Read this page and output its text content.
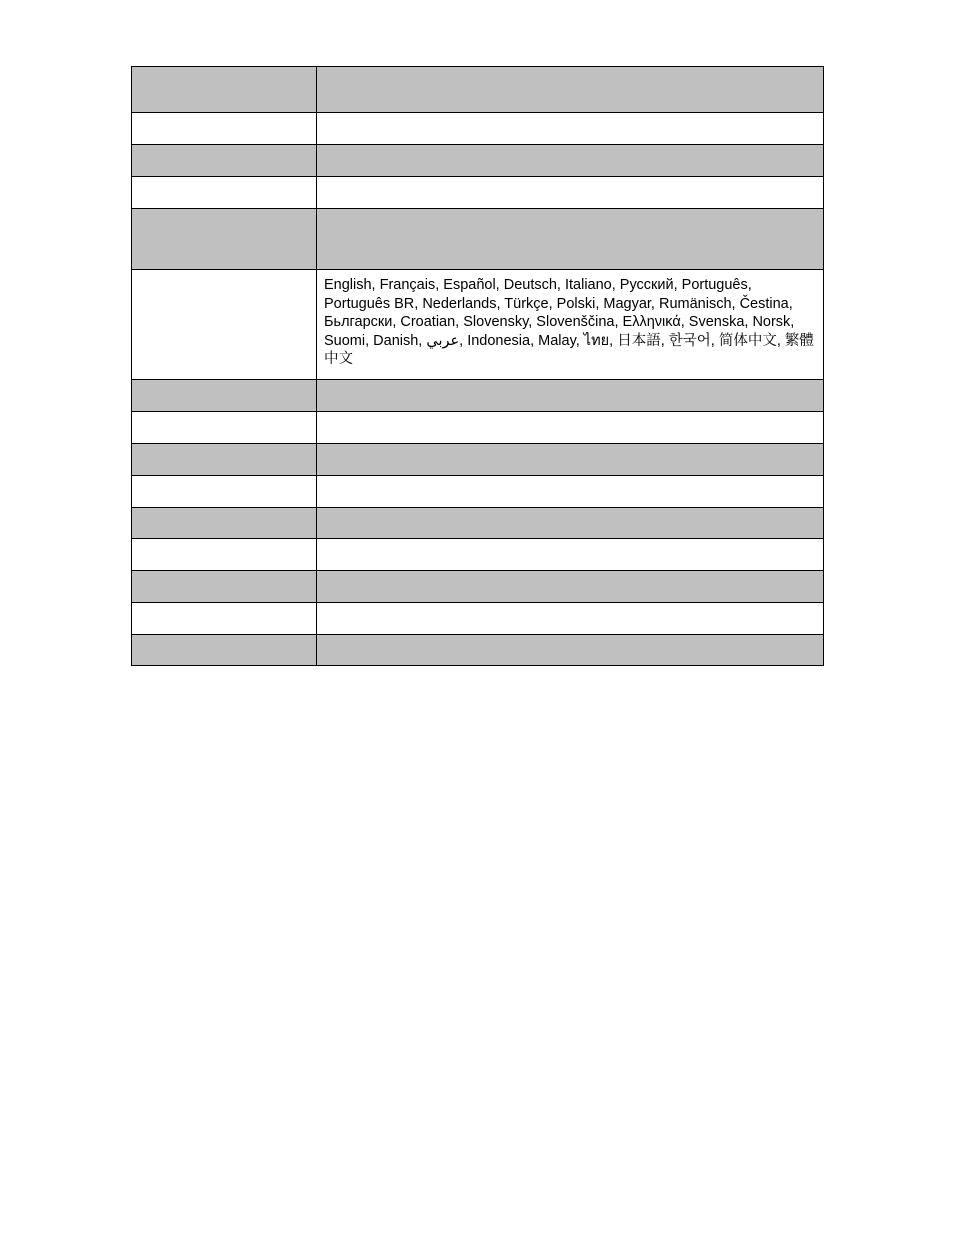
	English, Français, Español, Deutsch, Italiano, Русский, Português, Português BR, Nederlands, Türkçe, Polski, Magyar, Rumänisch, Čestina, Бьлгарски, Croatian, Slovensky, Slovenščina, Ελληνικά, Svenska, Norsk, Suomi, Danish, عربي, Indonesia, Malay, ไทย, 日本語, 한국어, 简体中文, 繁體中文
